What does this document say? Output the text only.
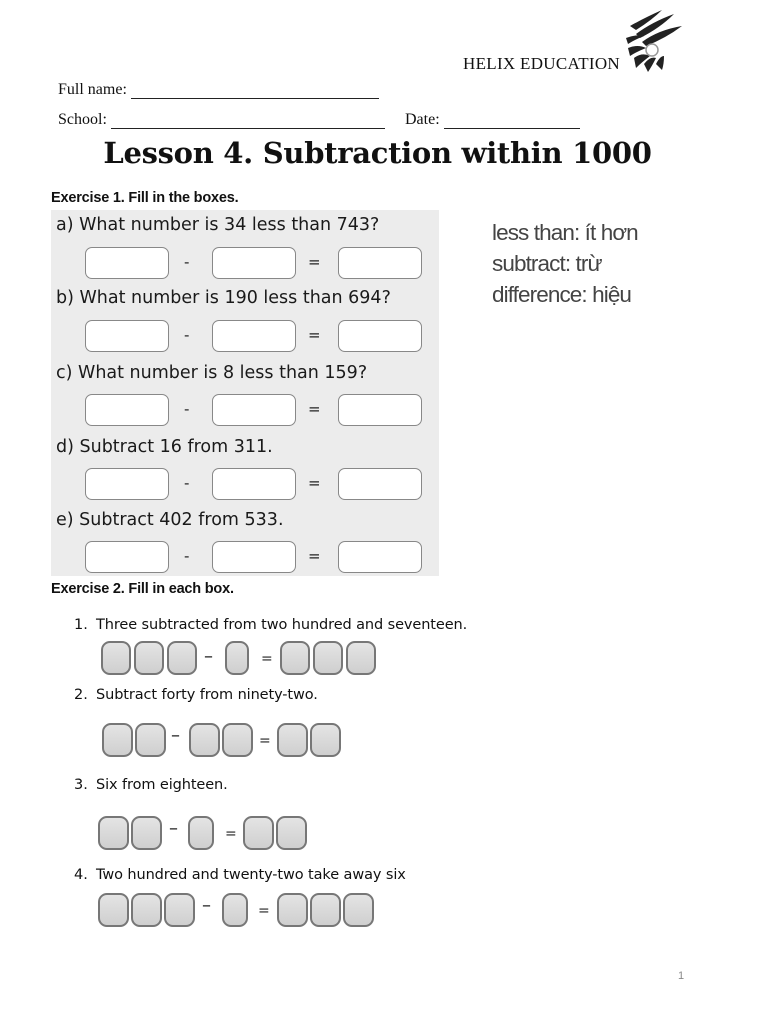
HELIX EDUCATION
Full name:
School:	Date:
Lesson 4. Subtraction within 1000
Exercise 1. Fill in the boxes.
a) What number is 34 less than 743?
-	=
b) What number is 190 less than 694?
-	=
c) What number is 8 less than 159?
-	=
d) Subtract 16 from 311.
-	=
e) Subtract 402 from 533.
-	=
less than: ít hơn
subtract: trừ
difference: hiệu
Exercise 2. Fill in each box.
1. Three subtracted from two hundred and seventeen.
2. Subtract forty from ninety-two.
3. Six from eighteen.
4. Two hundred and twenty-two take away six
–	=
–	=
–	=
–	=
1
